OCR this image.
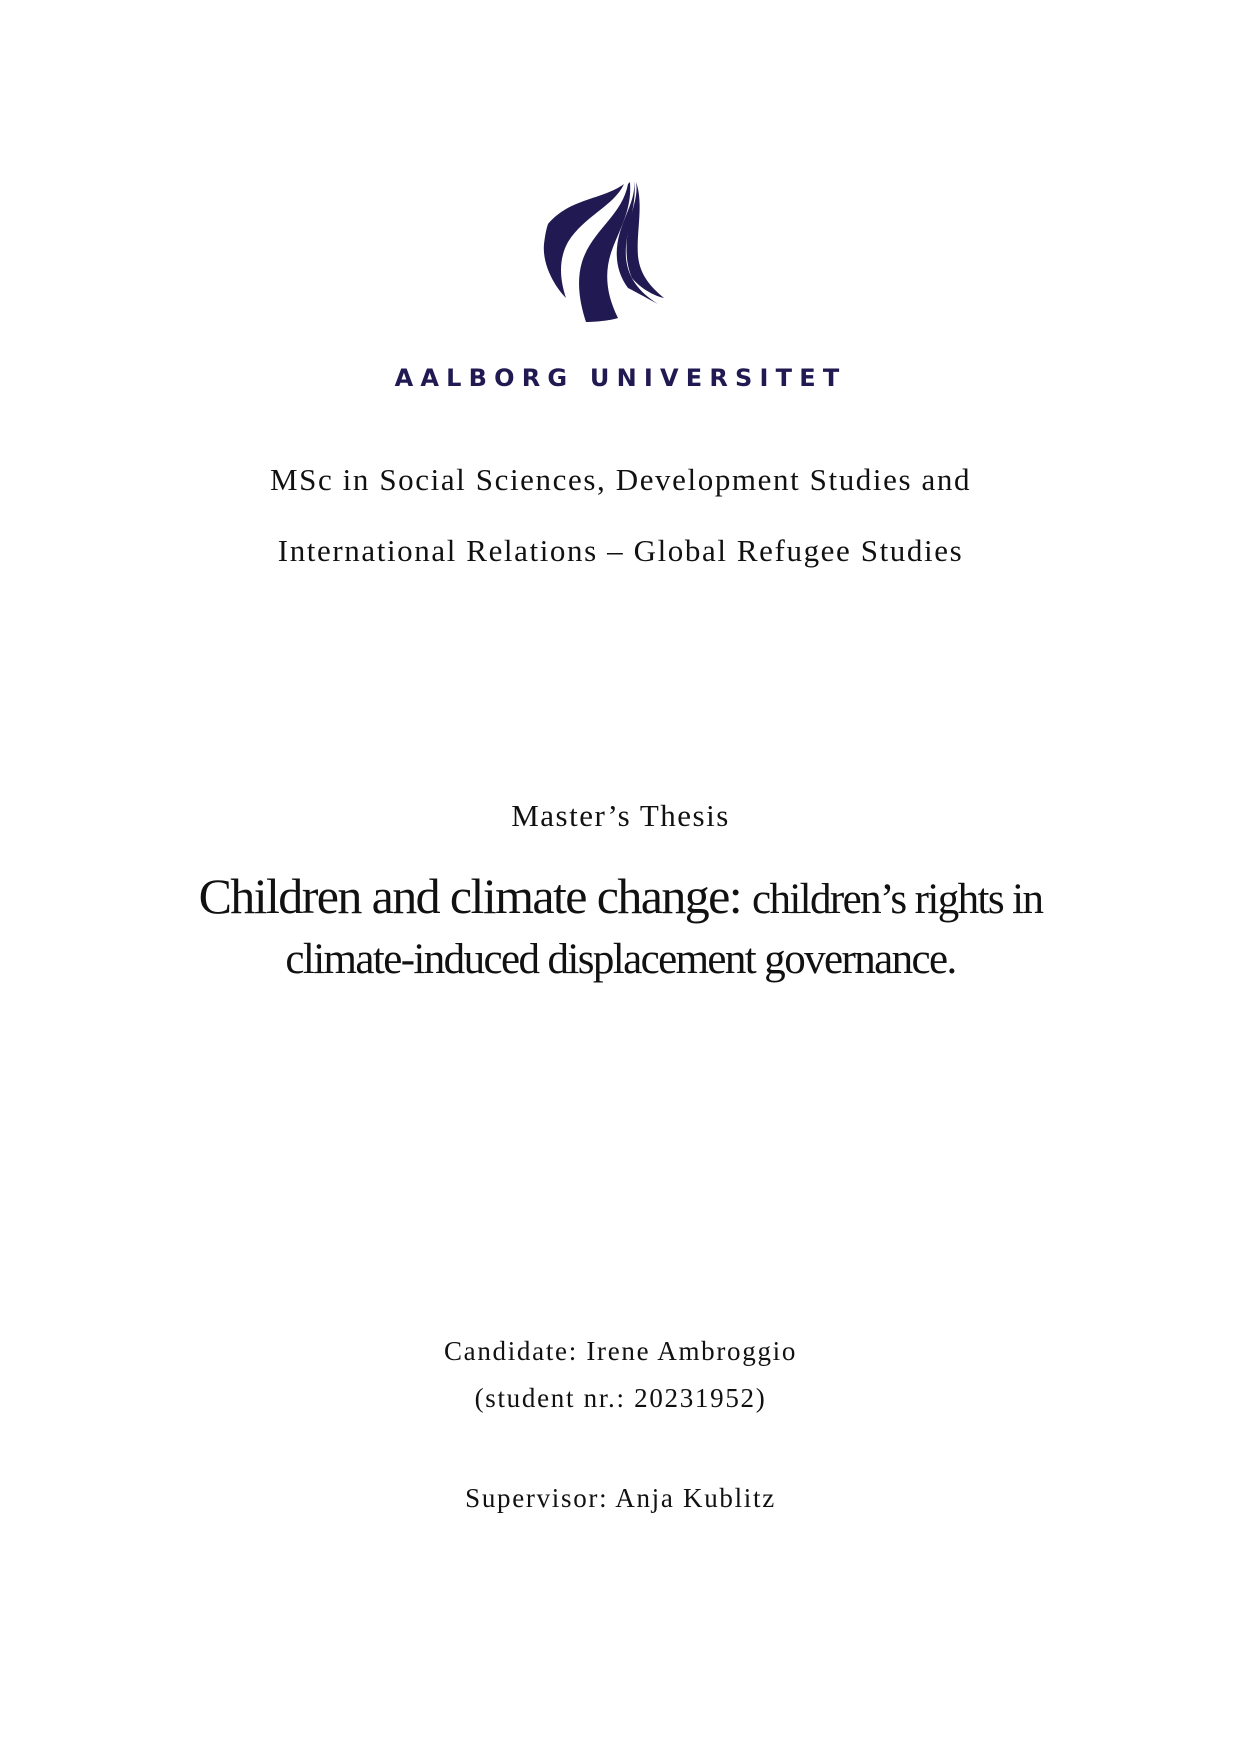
AALBORG UNIVERSITET
MSc in Social Sciences, Development Studies and
International Relations – Global Refugee Studies
Master’s Thesis
Children and climate change: children’s rights in
climate-induced displacement governance.
Candidate: Irene Ambroggio
(student nr.: 20231952)
Supervisor: Anja Kublitz
